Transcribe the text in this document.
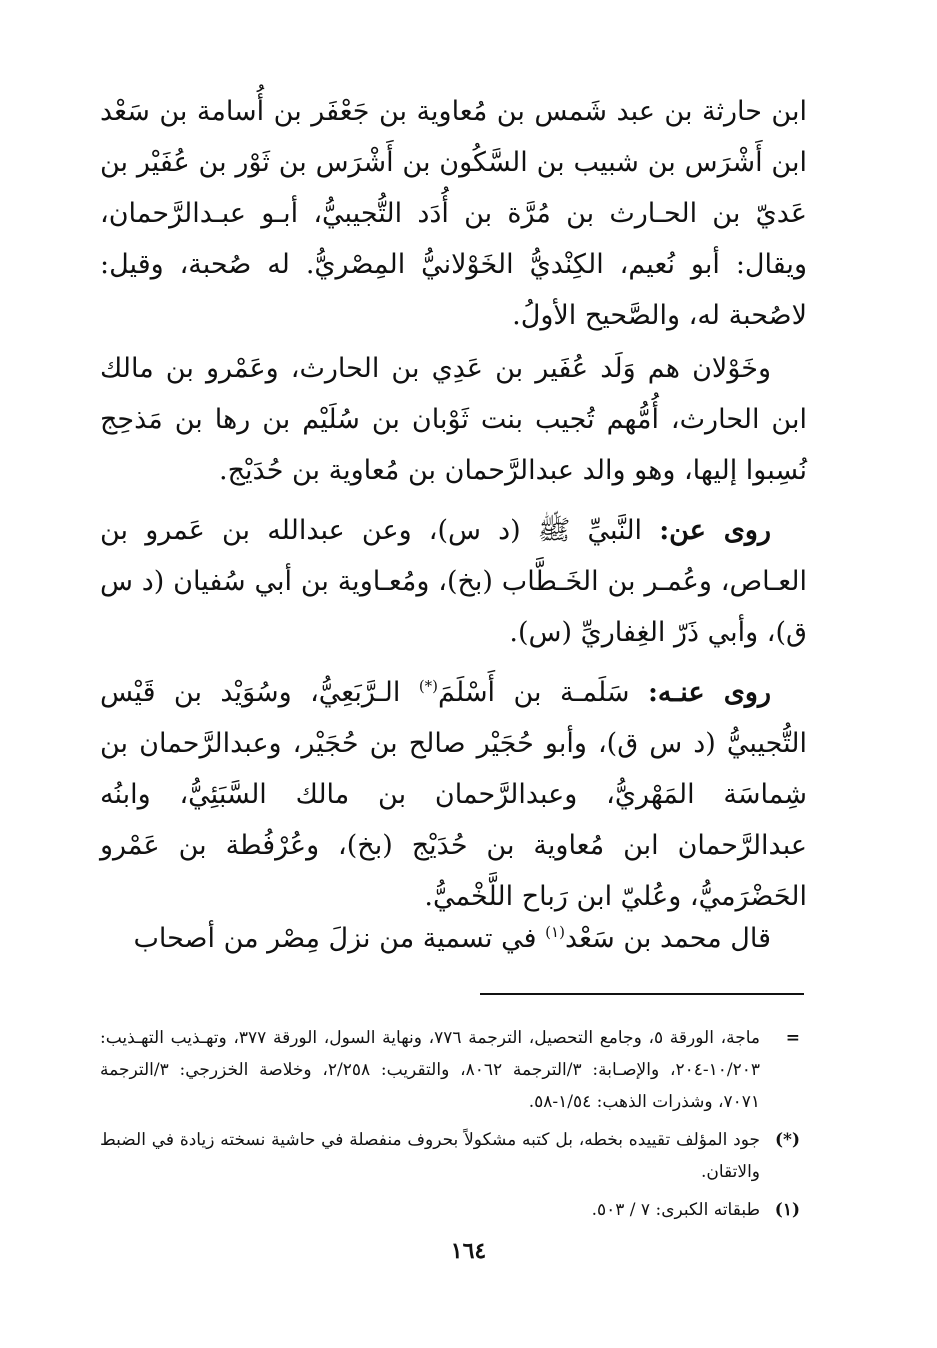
ابن حارثة بن عبد شَمس بن مُعاوية بن جَعْفَر بن أُسامة بن سَعْد ابن أَشْرَس بن شبيب بن السَّكُون بن أَشْرَس بن ثَوْر بن عُفَيْر بن عَديّ بن الحـارث بن مُرَّة بن أُدَد التُّجيبيُّ، أبـو عبـدالرَّحمان، ويقال: أبو نُعيم، الكِنْديُّ الخَوْلانيُّ المِصْريُّ. له صُحبة، وقيل: لاصُحبة له، والصَّحيح الأولُ.

وخَوْلان هم وَلَد عُفَير بن عَدِي بن الحارث، وعَمْرو بن مالك ابن الحارث، أُمُّهم تُجيب بنت ثَوْبان بن سُلَيْم بن رها بن مَذحِج نُسِبوا إليها، وهو والد عبدالرَّحمان بن مُعاوية بن حُدَيْج.

روى عن: النَّبيِّ ﷺ (د س)، وعن عبدالله بن عَمرو بن العـاص، وعُمـر بن الخَـطَّاب (بخ)، ومُعـاوية بن أبي سُفيان (د س ق)، وأبي ذَرّ الغِفاريِّ (س).

روى عنـه: سَلَمـة بن أَسْلَمَ(*) الـرَّبَعِيُّ، وسُوَيْد بن قَيْس التُّجيبيُّ (د س ق)، وأبو حُجَيْر صالح بن حُجَيْر، وعبدالرَّحمان بن شِماسَة المَهْريُّ، وعبدالرَّحمان بن مالك السَّبَئِيُّ، وابنُه عبدالرَّحمان ابن مُعاوية بن حُدَيْج (بخ)، وعُرْفُطة بن عَمْرو الحَضْرَميُّ، وعُليّ ابن رَباح اللَّخْميُّ.

قال محمد بن سَعْد$^{(١)}$ في تسمية من نزلَ مِصْر من أصحاب

=
ماجة، الورقة ٥، وجامع التحصيل، الترجمة ٧٧٦، ونهاية السول، الورقة ٣٧٧، وتهـذيب التهـذيب: ١٠/٢٠٣-٢٠٤، والإصـابة: ٣/الترجمة ٨٠٦٢، والتقريب: ٢/٢٥٨، وخلاصة الخزرجي: ٣/الترجمة ٧٠٧١، وشذرات الذهب: ١/٥٤-٥٨.
(*)
جود المؤلف تقييده بخطه، بل كتبه مشكولاً بحروف منفصلة في حاشية نسخته زيادة في الضبط والاتقان.
(١)
طبقاته الكبرى: ٧ / ٥٠٣.
١٦٤
